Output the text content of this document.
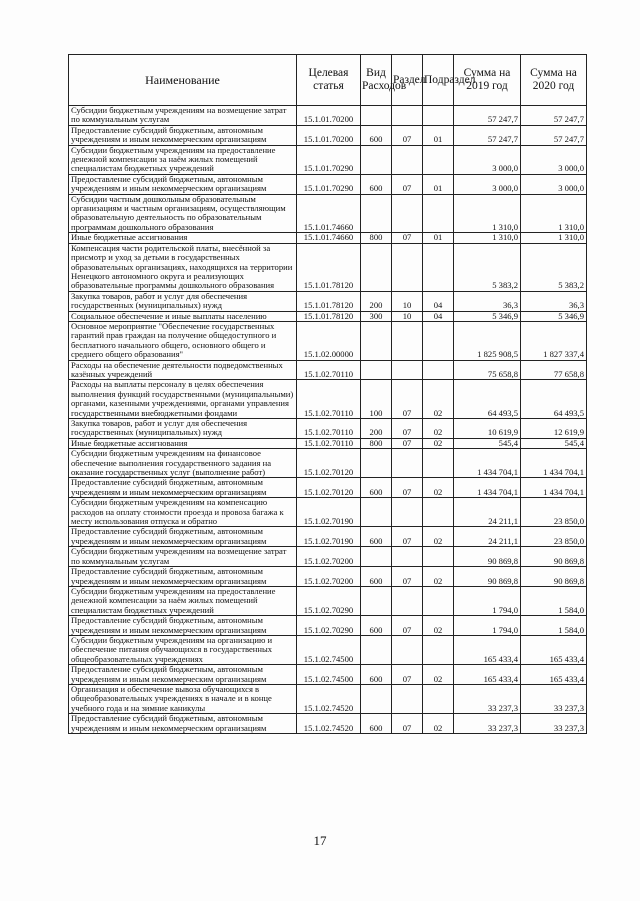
Наименование	Целевая статья	Вид Расходов	Раздел	Подраздел	Сумма на 2019 год	Сумма на 2020 год
Субсидии бюджетным учреждениям на возмещение затрат по коммунальным услугам	15.1.01.70200				57 247,7	57 247,7
Предоставление субсидий бюджетным, автономным учреждениям и иным некоммерческим организациям	15.1.01.70200	600	07	01	57 247,7	57 247,7
Субсидии бюджетным учреждениям на предоставление денежной компенсации за наём жилых помещений специалистам бюджетных учреждений	15.1.01.70290				3 000,0	3 000,0
Предоставление субсидий бюджетным, автономным учреждениям и иным некоммерческим организациям	15.1.01.70290	600	07	01	3 000,0	3 000,0
Субсидии частным дошкольным образовательным организациям и частным организациям, осуществляющим образовательную деятельность по образовательным программам дошкольного образования	15.1.01.74660				1 310,0	1 310,0
Иные бюджетные ассигнования	15.1.01.74660	800	07	01	1 310,0	1 310,0
Компенсация части родительской платы, внесённой за присмотр и уход за детьми в государственных образовательных организациях, находящихся на территории Ненецкого автономного округа и реализующих образовательные программы дошкольного образования	15.1.01.78120				5 383,2	5 383,2
Закупка товаров, работ и услуг для обеспечения государственных (муниципальных) нужд	15.1.01.78120	200	10	04	36,3	36,3
Социальное обеспечение и иные выплаты населению	15.1.01.78120	300	10	04	5 346,9	5 346,9
Основное мероприятие "Обеспечение государственных гарантий прав граждан на получение общедоступного и бесплатного начального общего, основного общего и среднего общего образования"	15.1.02.00000				1 825 908,5	1 827 337,4
Расходы на обеспечение деятельности подведомственных казённых учреждений	15.1.02.70110				75 658,8	77 658,8
Расходы на выплаты персоналу в целях обеспечения выполнения функций государственными (муниципальными) органами, казенными учреждениями, органами управления государственными внебюджетными фондами	15.1.02.70110	100	07	02	64 493,5	64 493,5
Закупка товаров, работ и услуг для обеспечения государственных (муниципальных) нужд	15.1.02.70110	200	07	02	10 619,9	12 619,9
Иные бюджетные ассигнования	15.1.02.70110	800	07	02	545,4	545,4
Субсидии бюджетным учреждениям на финансовое обеспечение выполнения государственного задания на оказание государственных услуг (выполнение работ)	15.1.02.70120				1 434 704,1	1 434 704,1
Предоставление субсидий бюджетным, автономным учреждениям и иным некоммерческим организациям	15.1.02.70120	600	07	02	1 434 704,1	1 434 704,1
Субсидии бюджетным учреждениям на компенсацию расходов на оплату стоимости проезда и провоза багажа к месту использования отпуска и обратно	15.1.02.70190				24 211,1	23 850,0
Предоставление субсидий бюджетным, автономным учреждениям и иным некоммерческим организациям	15.1.02.70190	600	07	02	24 211,1	23 850,0
Субсидии бюджетным учреждениям на возмещение затрат по коммунальным услугам	15.1.02.70200				90 869,8	90 869,8
Предоставление субсидий бюджетным, автономным учреждениям и иным некоммерческим организациям	15.1.02.70200	600	07	02	90 869,8	90 869,8
Субсидии бюджетным учреждениям на предоставление денежной компенсации за наём жилых помещений специалистам бюджетных учреждений	15.1.02.70290				1 794,0	1 584,0
Предоставление субсидий бюджетным, автономным учреждениям и иным некоммерческим организациям	15.1.02.70290	600	07	02	1 794,0	1 584,0
Субсидии бюджетным учреждениям на организацию и обеспечение питания обучающихся в государственных общеобразовательных учреждениях	15.1.02.74500				165 433,4	165 433,4
Предоставление субсидий бюджетным, автономным учреждениям и иным некоммерческим организациям	15.1.02.74500	600	07	02	165 433,4	165 433,4
Организация и обеспечение вывоза обучающихся в общеобразовательных учреждениях в начале и в конце учебного года и на зимние каникулы	15.1.02.74520				33 237,3	33 237,3
Предоставление субсидий бюджетным, автономным учреждениям и иным некоммерческим организациям	15.1.02.74520	600	07	02	33 237,3	33 237,3
17
